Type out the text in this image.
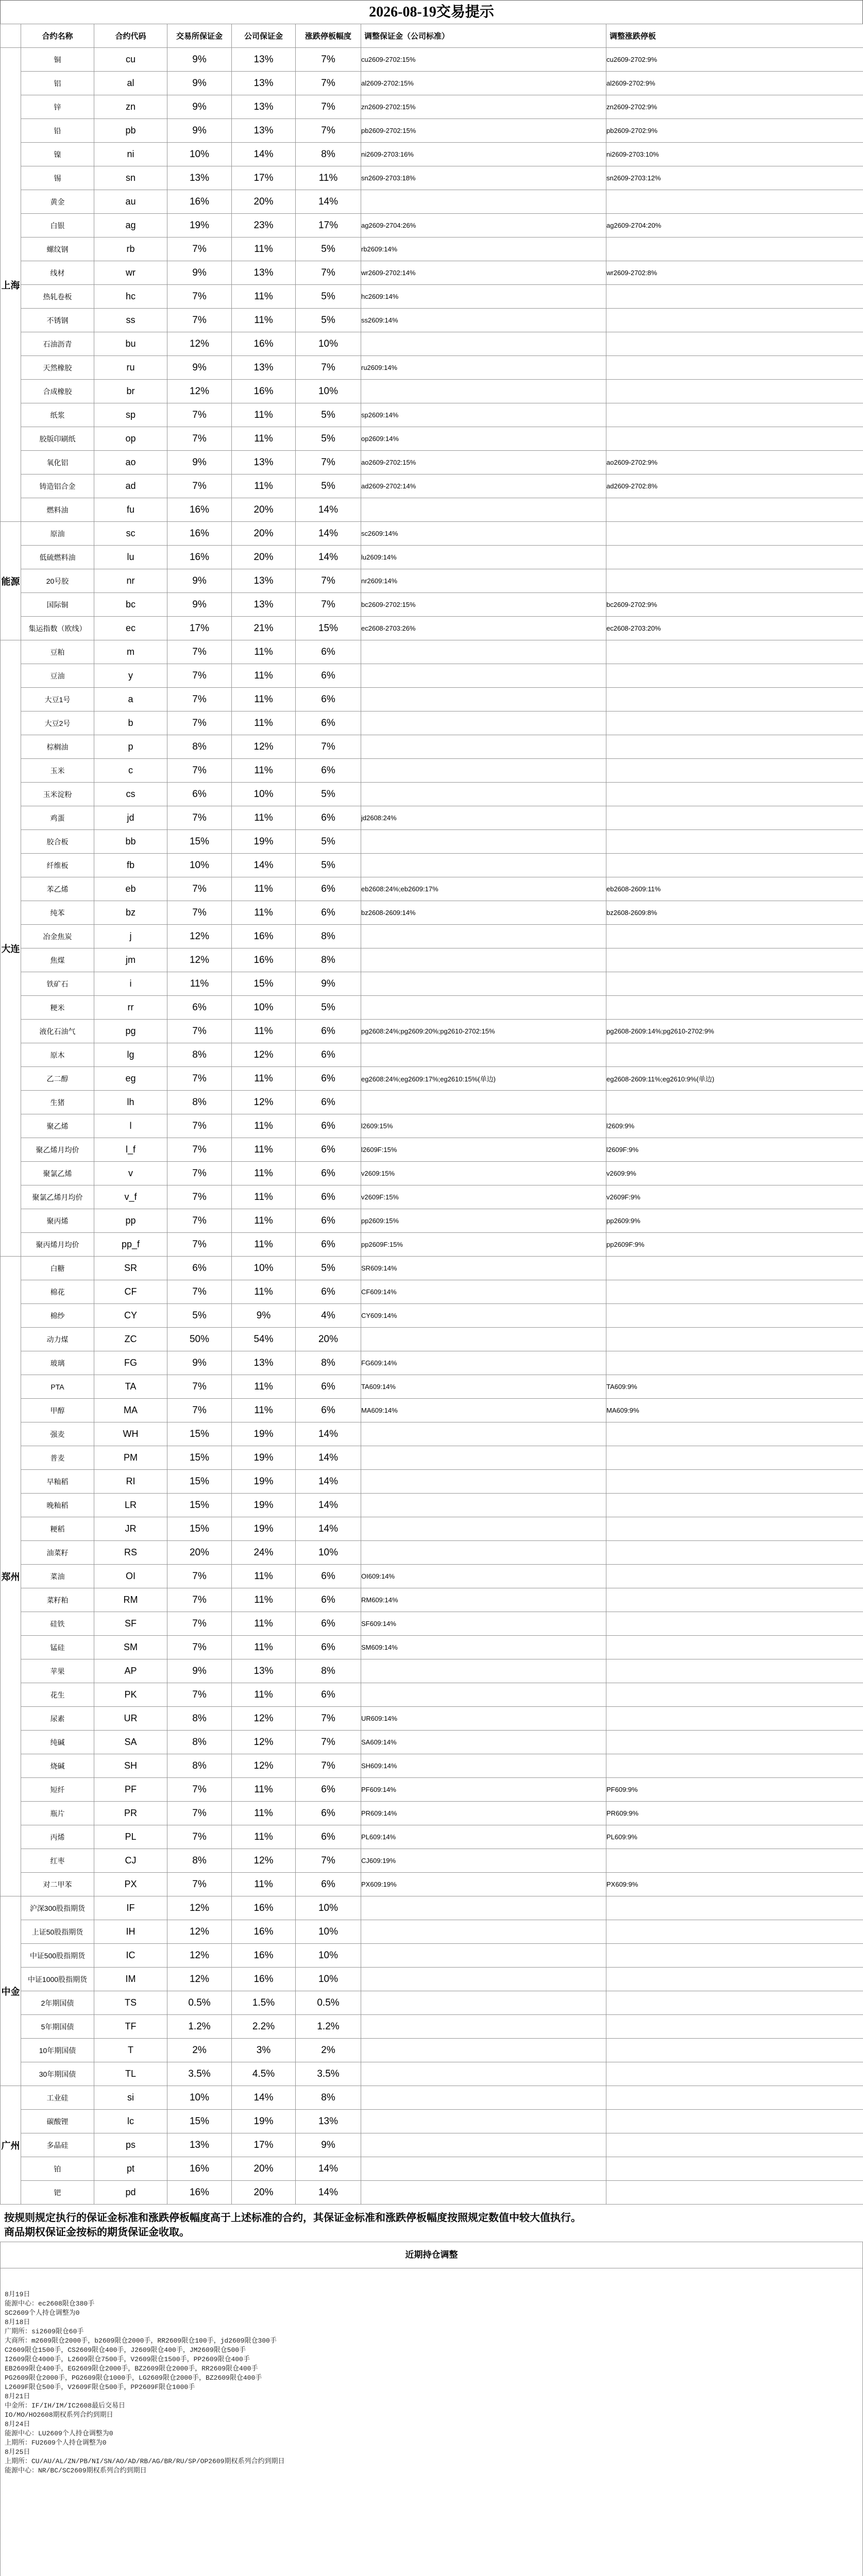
2026-08-19交易提示
	合约名称	合约代码	交易所保证金	公司保证金	涨跌停板幅度	调整保证金（公司标准）	调整涨跌停板
上海	铜	cu	9%	13%	7%	cu2609-2702:15%	cu2609-2702:9%
	铝	al	9%	13%	7%	al2609-2702:15%	al2609-2702:9%
	锌	zn	9%	13%	7%	zn2609-2702:15%	zn2609-2702:9%
	铅	pb	9%	13%	7%	pb2609-2702:15%	pb2609-2702:9%
	镍	ni	10%	14%	8%	ni2609-2703:16%	ni2609-2703:10%
	锡	sn	13%	17%	11%	sn2609-2703:18%	sn2609-2703:12%
	黄金	au	16%	20%	14%		
	白银	ag	19%	23%	17%	ag2609-2704:26%	ag2609-2704:20%
	螺纹钢	rb	7%	11%	5%	rb2609:14%	
	线材	wr	9%	13%	7%	wr2609-2702:14%	wr2609-2702:8%
	热轧卷板	hc	7%	11%	5%	hc2609:14%	
	不锈钢	ss	7%	11%	5%	ss2609:14%	
	石油沥青	bu	12%	16%	10%		
	天然橡胶	ru	9%	13%	7%	ru2609:14%	
	合成橡胶	br	12%	16%	10%		
	纸浆	sp	7%	11%	5%	sp2609:14%	
	胶版印刷纸	op	7%	11%	5%	op2609:14%	
	氧化铝	ao	9%	13%	7%	ao2609-2702:15%	ao2609-2702:9%
	铸造铝合金	ad	7%	11%	5%	ad2609-2702:14%	ad2609-2702:8%
	燃料油	fu	16%	20%	14%		
能源	原油	sc	16%	20%	14%	sc2609:14%	
	低硫燃料油	lu	16%	20%	14%	lu2609:14%	
	20号胶	nr	9%	13%	7%	nr2609:14%	
	国际铜	bc	9%	13%	7%	bc2609-2702:15%	bc2609-2702:9%
	集运指数（欧线）	ec	17%	21%	15%	ec2608-2703:26%	ec2608-2703:20%
大连	豆粕	m	7%	11%	6%		
	豆油	y	7%	11%	6%		
	大豆1号	a	7%	11%	6%		
	大豆2号	b	7%	11%	6%		
	棕榈油	p	8%	12%	7%		
	玉米	c	7%	11%	6%		
	玉米淀粉	cs	6%	10%	5%		
	鸡蛋	jd	7%	11%	6%	jd2608:24%	
	胶合板	bb	15%	19%	5%		
	纤维板	fb	10%	14%	5%		
	苯乙烯	eb	7%	11%	6%	eb2608:24%;eb2609:17%	eb2608-2609:11%
	纯苯	bz	7%	11%	6%	bz2608-2609:14%	bz2608-2609:8%
	冶金焦炭	j	12%	16%	8%		
	焦煤	jm	12%	16%	8%		
	铁矿石	i	11%	15%	9%		
	粳米	rr	6%	10%	5%		
	液化石油气	pg	7%	11%	6%	pg2608:24%;pg2609:20%;pg2610-2702:15%	pg2608-2609:14%;pg2610-2702:9%
	原木	lg	8%	12%	6%		
	乙二醇	eg	7%	11%	6%	eg2608:24%;eg2609:17%;eg2610:15%(单边)	eg2608-2609:11%;eg2610:9%(单边)
	生猪	lh	8%	12%	6%		
	聚乙烯	l	7%	11%	6%	l2609:15%	l2609:9%
	聚乙烯月均价	l_f	7%	11%	6%	l2609F:15%	l2609F:9%
	聚氯乙烯	v	7%	11%	6%	v2609:15%	v2609:9%
	聚氯乙烯月均价	v_f	7%	11%	6%	v2609F:15%	v2609F:9%
	聚丙烯	pp	7%	11%	6%	pp2609:15%	pp2609:9%
	聚丙烯月均价	pp_f	7%	11%	6%	pp2609F:15%	pp2609F:9%
郑州	白糖	SR	6%	10%	5%	SR609:14%	
	棉花	CF	7%	11%	6%	CF609:14%	
	棉纱	CY	5%	9%	4%	CY609:14%	
	动力煤	ZC	50%	54%	20%		
	玻璃	FG	9%	13%	8%	FG609:14%	
	PTA	TA	7%	11%	6%	TA609:14%	TA609:9%
	甲醇	MA	7%	11%	6%	MA609:14%	MA609:9%
	强麦	WH	15%	19%	14%		
	普麦	PM	15%	19%	14%		
	早籼稻	RI	15%	19%	14%		
	晚籼稻	LR	15%	19%	14%		
	粳稻	JR	15%	19%	14%		
	油菜籽	RS	20%	24%	10%		
	菜油	OI	7%	11%	6%	OI609:14%	
	菜籽粕	RM	7%	11%	6%	RM609:14%	
	硅铁	SF	7%	11%	6%	SF609:14%	
	锰硅	SM	7%	11%	6%	SM609:14%	
	苹果	AP	9%	13%	8%		
	花生	PK	7%	11%	6%		
	尿素	UR	8%	12%	7%	UR609:14%	
	纯碱	SA	8%	12%	7%	SA609:14%	
	烧碱	SH	8%	12%	7%	SH609:14%	
	短纤	PF	7%	11%	6%	PF609:14%	PF609:9%
	瓶片	PR	7%	11%	6%	PR609:14%	PR609:9%
	丙烯	PL	7%	11%	6%	PL609:14%	PL609:9%
	红枣	CJ	8%	12%	7%	CJ609:19%	
	对二甲苯	PX	7%	11%	6%	PX609:19%	PX609:9%
中金	沪深300股指期货	IF	12%	16%	10%		
	上证50股指期货	IH	12%	16%	10%		
	中证500股指期货	IC	12%	16%	10%		
	中证1000股指期货	IM	12%	16%	10%		
	2年期国债	TS	0.5%	1.5%	0.5%		
	5年期国债	TF	1.2%	2.2%	1.2%		
	10年期国债	T	2%	3%	2%		
	30年期国债	TL	3.5%	4.5%	3.5%		
广州	工业硅	si	10%	14%	8%		
	碳酸锂	lc	15%	19%	13%		
	多晶硅	ps	13%	17%	9%		
	铂	pt	16%	20%	14%		
	钯	pd	16%	20%	14%		
按规则规定执行的保证金标准和涨跌停板幅度高于上述标准的合约，其保证金标准和涨跌停板幅度按照规定数值中较大值执行。
商品期权保证金按标的期货保证金收取。
近期持仓调整
8月19日
能源中心：ec2608限仓380手
SC2609个人持仓调整为0
8月18日
广期所：si2609限仓60手
大商所：m2609限仓2000手，b2609限仓2000手，RR2609限仓100手，jd2609限仓300手
C2609限仓1500手，CS2609限仓400手，J2609限仓400手，JM2609限仓500手
I2609限仓4000手，L2609限仓7500手，V2609限仓1500手，PP2609限仓400手
EB2609限仓400手，EG2609限仓2000手，BZ2609限仓2000手，RR2609限仓400手
PG2609限仓2000手，PG2609限仓1000手，LG2609限仓2000手，BZ2609限仓400手
L2609F限仓500手，V2609F限仓500手，PP2609F限仓1000手
8月21日
中金所：IF/IH/IM/IC2608最后交易日
IO/MO/HO2608期权系列合约到期日
8月24日
能源中心：LU2609个人持仓调整为0
上期所：FU2609个人持仓调整为0
8月25日
上期所：CU/AU/AL/ZN/PB/NI/SN/AO/AD/RB/AG/BR/RU/SP/OP2609期权系列合约到期日
能源中心：NR/BC/SC2609期权系列合约到期日
